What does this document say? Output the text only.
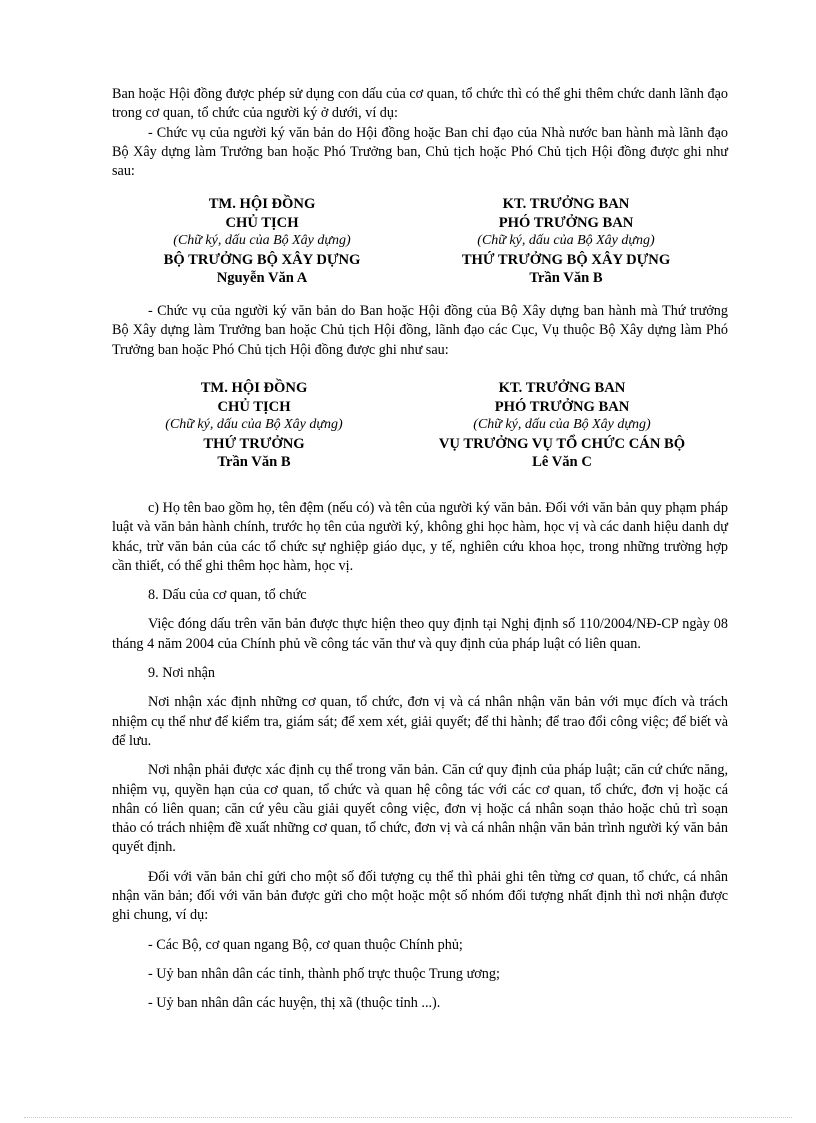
Ban hoặc Hội đồng được phép sử dụng con dấu của cơ quan, tổ chức thì có thể ghi thêm chức danh lãnh đạo trong cơ quan, tổ chức của người ký ở dưới, ví dụ:

- Chức vụ của người ký văn bản do Hội đồng hoặc Ban chỉ đạo của Nhà nước ban hành mà lãnh đạo Bộ Xây dựng làm Trưởng ban hoặc Phó Trưởng ban, Chủ tịch hoặc Phó Chủ tịch Hội đồng được ghi như sau:

TM. HỘI ĐỒNG
CHỦ TỊCH
(Chữ ký, dấu của Bộ Xây dựng)
BỘ TRƯỞNG BỘ XÂY DỰNG
Nguyễn Văn A
KT. TRƯỞNG BAN
PHÓ TRƯỞNG BAN
(Chữ ký, dấu của Bộ Xây dựng)
THỨ TRƯỞNG BỘ XÂY DỰNG
Trần Văn B

- Chức vụ của người ký văn bản do Ban hoặc Hội đồng của Bộ Xây dựng ban hành mà Thứ trưởng Bộ Xây dựng làm Trưởng ban hoặc Chủ tịch Hội đồng, lãnh đạo các Cục, Vụ thuộc Bộ Xây dựng làm Phó Trưởng ban hoặc Phó Chủ tịch Hội đồng được ghi như sau:

TM. HỘI ĐỒNG
CHỦ TỊCH
(Chữ ký, dấu của Bộ Xây dựng)
THỨ TRƯỞNG
Trần Văn B
KT. TRƯỞNG BAN
PHÓ TRƯỞNG BAN
(Chữ ký, dấu của Bộ Xây dựng)
VỤ TRƯỞNG VỤ TỔ CHỨC CÁN BỘ
Lê Văn C

c) Họ tên bao gồm họ, tên đệm (nếu có) và tên của người ký văn bản. Đối với văn bản quy phạm pháp luật và văn bản hành chính, trước họ tên của người ký, không ghi học hàm, học vị và các danh hiệu danh dự khác, trừ văn bản của các tổ chức sự nghiệp giáo dục, y tế, nghiên cứu khoa học, trong những trường hợp cần thiết, có thể ghi thêm học hàm, học vị.

8. Dấu của cơ quan, tổ chức

Việc đóng dấu trên văn bản được thực hiện theo quy định tại Nghị định số 110/2004/NĐ-CP ngày 08 tháng 4 năm 2004 của Chính phủ về công tác văn thư và quy định của pháp luật có liên quan.

9. Nơi nhận

Nơi nhận xác định những cơ quan, tổ chức, đơn vị và cá nhân nhận văn bản với mục đích và trách nhiệm cụ thể như để kiểm tra, giám sát; để xem xét, giải quyết; để thi hành; để trao đổi công việc; để biết và để lưu.

Nơi nhận phải được xác định cụ thể trong văn bản. Căn cứ quy định của pháp luật; căn cứ chức năng, nhiệm vụ, quyền hạn của cơ quan, tổ chức và quan hệ công tác với các cơ quan, tổ chức, đơn vị hoặc cá nhân có liên quan; căn cứ yêu cầu giải quyết công việc, đơn vị hoặc cá nhân soạn thảo hoặc chủ trì soạn thảo có trách nhiệm đề xuất những cơ quan, tổ chức, đơn vị và cá nhân nhận văn bản trình người ký văn bản quyết định.

Đối với văn bản chỉ gửi cho một số đối tượng cụ thể thì phải ghi tên từng cơ quan, tổ chức, cá nhân nhận văn bản; đối với văn bản được gửi cho một hoặc một số nhóm đối tượng nhất định thì nơi nhận được ghi chung, ví dụ:

- Các Bộ, cơ quan ngang Bộ, cơ quan thuộc Chính phủ;

- Uỷ ban nhân dân các tỉnh, thành phố trực thuộc Trung ương;

- Uỷ ban nhân dân các huyện, thị xã (thuộc tỉnh ...).
